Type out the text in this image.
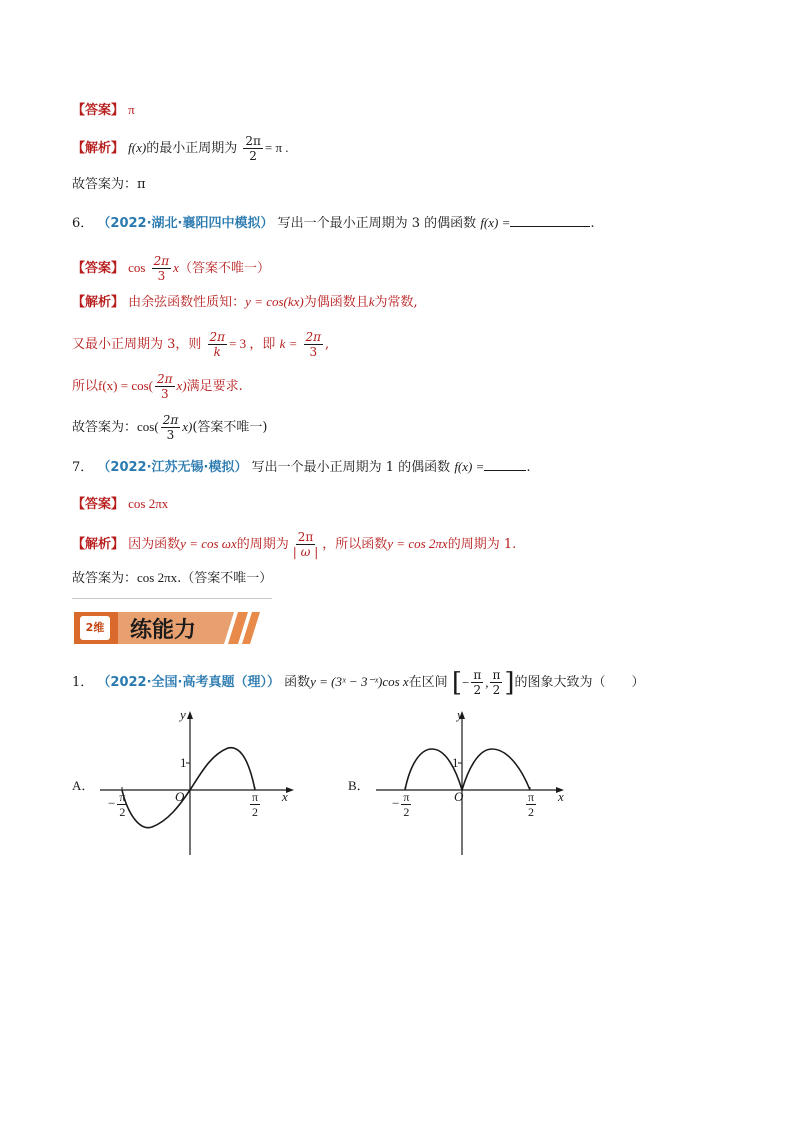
【答案】 π
【解析】 f(x)的最小正周期为 $\frac{2\pi}{2} = \pi$ .
故答案为：π
6． （2022·湖北·襄阳四中模拟） 写出一个最小正周期为 3 的偶函数 f(x) =	.
【答案】 $\cos \frac{2\pi}{3} x$（答案不唯一）
【解析】 由余弦函数性质知：y = cos(kx)为偶函数且k为常数,
又最小正周期为 3，则 $\frac{2\pi}{k} = 3$ ，即 $k = \frac{2\pi}{3}$ ,
所以$f(x) = \cos( \frac{2\pi}{3} x)$满足要求.
故答案为：$\cos( \frac{2\pi}{3} x)$(答案不唯一)
7． （2022·江苏无锡·模拟） 写出一个最小正周期为 1 的偶函数 f(x) =	.
【答案】 cos 2πx
【解析】 因为函数y = cos ωx的周期为 $\frac{2\pi}{| \omega |}$ ，所以函数y = cos 2πx的周期为 1.
故答案为：cos 2πx.（答案不唯一）
2维 练能力
1． （2022·全国·高考真题（理）） 函数y = (3ˣ − 3⁻ˣ)cos x在区间 [ − $\frac{\pi}{2}$ , $\frac{\pi}{2}$ ] 的图象大致为（　　）
A．
y
x
O
1
− $\frac{\pi}{2}$	$\frac{\pi}{2}$
B．
y
x
O
1
− $\frac{\pi}{2}$	$\frac{\pi}{2}$
